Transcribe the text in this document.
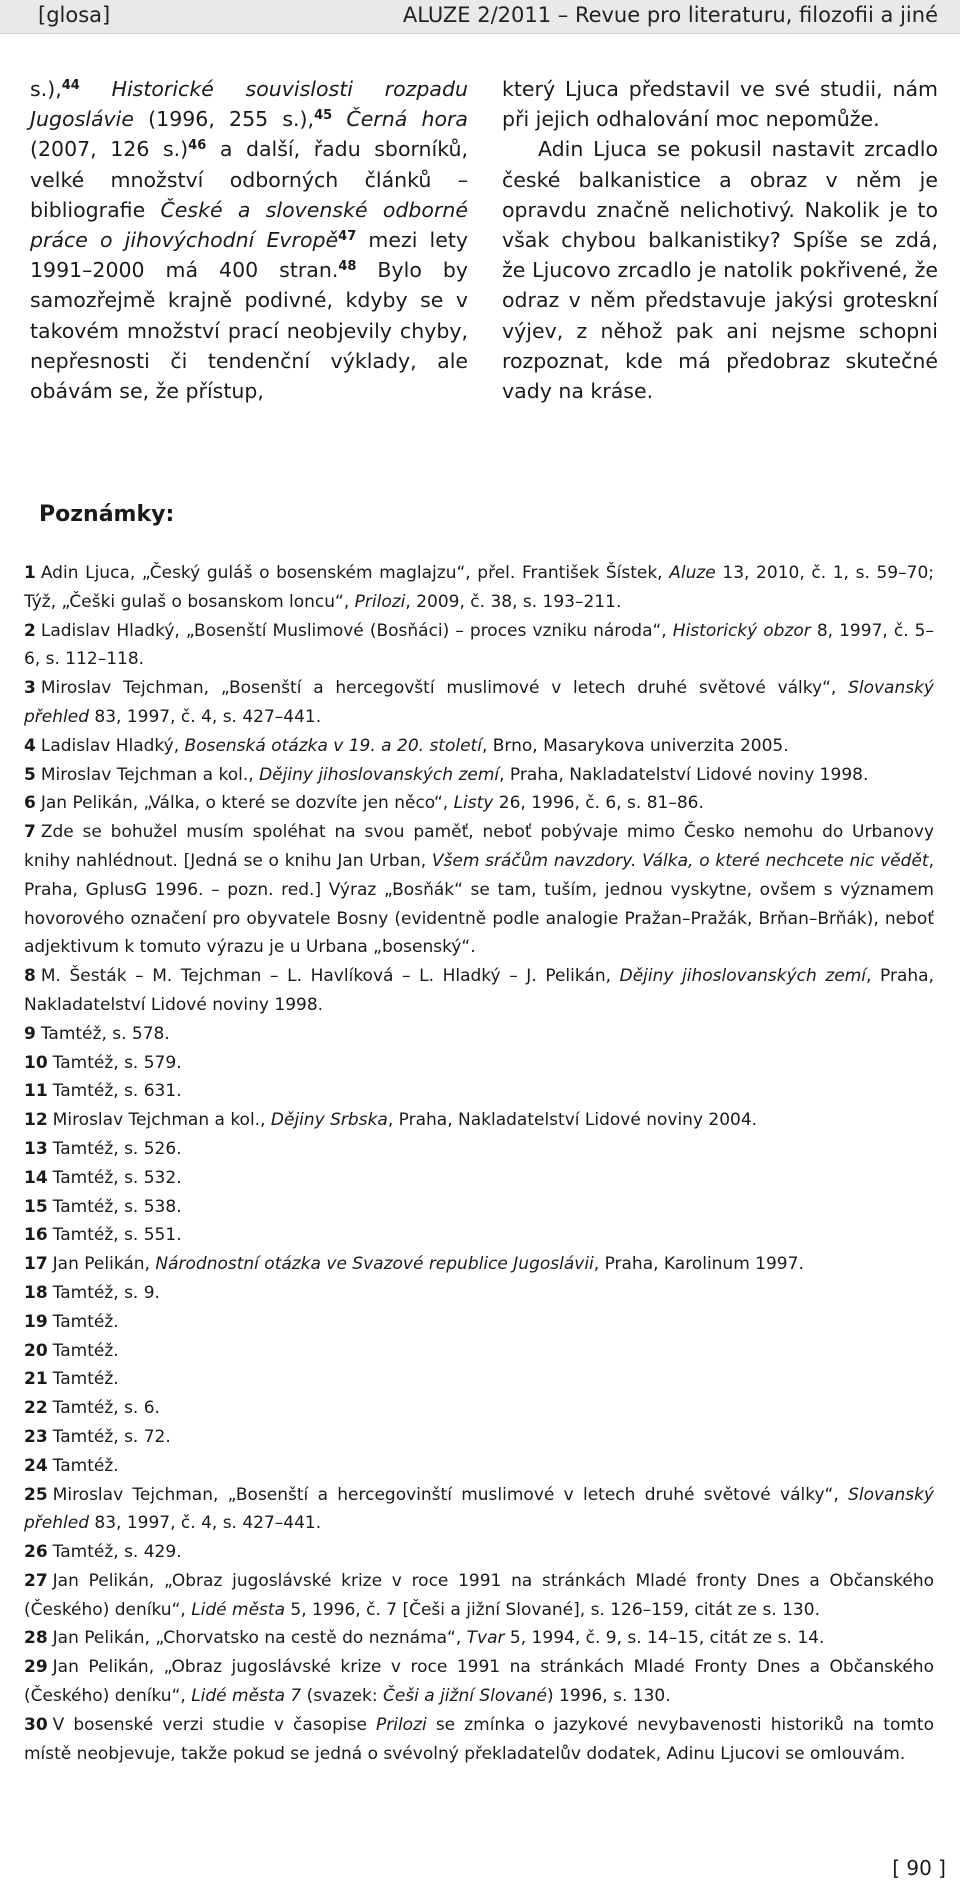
[glosa]	ALUZE 2/2011 – Revue pro literaturu, filozofii a jiné

s.),$^{44}$ Historické souvislosti rozpadu Jugoslávie (1996, 255 s.),$^{45}$ Černá hora (2007, 126 s.)$^{46}$ a další, řadu sborníků, velké množství odborných článků – bibliografie České a slovenské odborné práce o jihovýchodní Evropě$^{47}$ mezi lety 1991–2000 má 400 stran.$^{48}$ Bylo by samozřejmě krajně podivné, kdyby se v takovém množství prací neobjevily chyby, nepřesnosti či tendenční výklady, ale obávám se, že přístup,

který Ljuca představil ve své studii, nám při jejich odhalování moc nepomůže.

Adin Ljuca se pokusil nastavit zrcadlo české balkanistice a obraz v něm je opravdu značně nelichotivý. Nakolik je to však chybou balkanistiky? Spíše se zdá, že Ljucovo zrcadlo je natolik pokřivené, že odraz v něm představuje jakýsi groteskní výjev, z něhož pak ani nejsme schopni rozpoznat, kde má předobraz skutečné vady na kráse.

Poznámky:

1 Adin Ljuca, „Český guláš o bosenském maglajzu“, přel. František Šístek, Aluze 13, 2010, č. 1, s. 59–70; Týž, „Češki gulaš o bosanskom loncu“, Prilozi, 2009, č. 38, s. 193–211.

2 Ladislav Hladký, „Bosenští Muslimové (Bosňáci) – proces vzniku národa“, Historický obzor 8, 1997, č. 5–6, s. 112–118.

3 Miroslav Tejchman, „Bosenští a hercegovští muslimové v letech druhé světové války“, Slovanský přehled 83, 1997, č. 4, s. 427–441.

4 Ladislav Hladký, Bosenská otázka v 19. a 20. století, Brno, Masarykova univerzita 2005.

5 Miroslav Tejchman a kol., Dějiny jihoslovanských zemí, Praha, Nakladatelství Lidové noviny 1998.

6 Jan Pelikán, „Válka, o které se dozvíte jen něco“, Listy 26, 1996, č. 6, s. 81–86.

7 Zde se bohužel musím spoléhat na svou paměť, neboť pobývaje mimo Česko nemohu do Urbanovy knihy nahlédnout. [Jedná se o knihu Jan Urban, Všem sráčům navzdory. Válka, o které nechcete nic vědět, Praha, GplusG 1996. – pozn. red.] Výraz „Bosňák“ se tam, tuším, jednou vyskytne, ovšem s významem hovorového označení pro obyvatele Bosny (evidentně podle analogie Pražan–Pražák, Brňan–Brňák), neboť adjektivum k tomuto výrazu je u Urbana „bosenský“.

8 M. Šesták – M. Tejchman – L. Havlíková – L. Hladký – J. Pelikán, Dějiny jihoslovanských zemí, Praha, Nakladatelství Lidové noviny 1998.

9 Tamtéž, s. 578.

10 Tamtéž, s. 579.

11 Tamtéž, s. 631.

12 Miroslav Tejchman a kol., Dějiny Srbska, Praha, Nakladatelství Lidové noviny 2004.

13 Tamtéž, s. 526.

14 Tamtéž, s. 532.

15 Tamtéž, s. 538.

16 Tamtéž, s. 551.

17 Jan Pelikán, Národnostní otázka ve Svazové republice Jugoslávii, Praha, Karolinum 1997.

18 Tamtéž, s. 9.

19 Tamtéž.

20 Tamtéž.

21 Tamtéž.

22 Tamtéž, s. 6.

23 Tamtéž, s. 72.

24 Tamtéž.

25 Miroslav Tejchman, „Bosenští a hercegovinští muslimové v letech druhé světové války“, Slovanský přehled 83, 1997, č. 4, s. 427–441.

26 Tamtéž, s. 429.

27 Jan Pelikán, „Obraz jugoslávské krize v roce 1991 na stránkách Mladé fronty Dnes a Občanského (Českého) deníku“, Lidé města 5, 1996, č. 7 [Češi a jižní Slované], s. 126–159, citát ze s. 130.

28 Jan Pelikán, „Chorvatsko na cestě do neznáma“, Tvar 5, 1994, č. 9, s. 14–15, citát ze s. 14.

29 Jan Pelikán, „Obraz jugoslávské krize v roce 1991 na stránkách Mladé Fronty Dnes a Občanského (Českého) deníku“, Lidé města 7 (svazek: Češi a jižní Slované) 1996, s. 130.

30 V bosenské verzi studie v časopise Prilozi se zmínka o jazykové nevybavenosti historiků na tomto místě neobjevuje, takže pokud se jedná o svévolný překladatelův dodatek, Adinu Ljucovi se omlouvám.

[ 90 ]
